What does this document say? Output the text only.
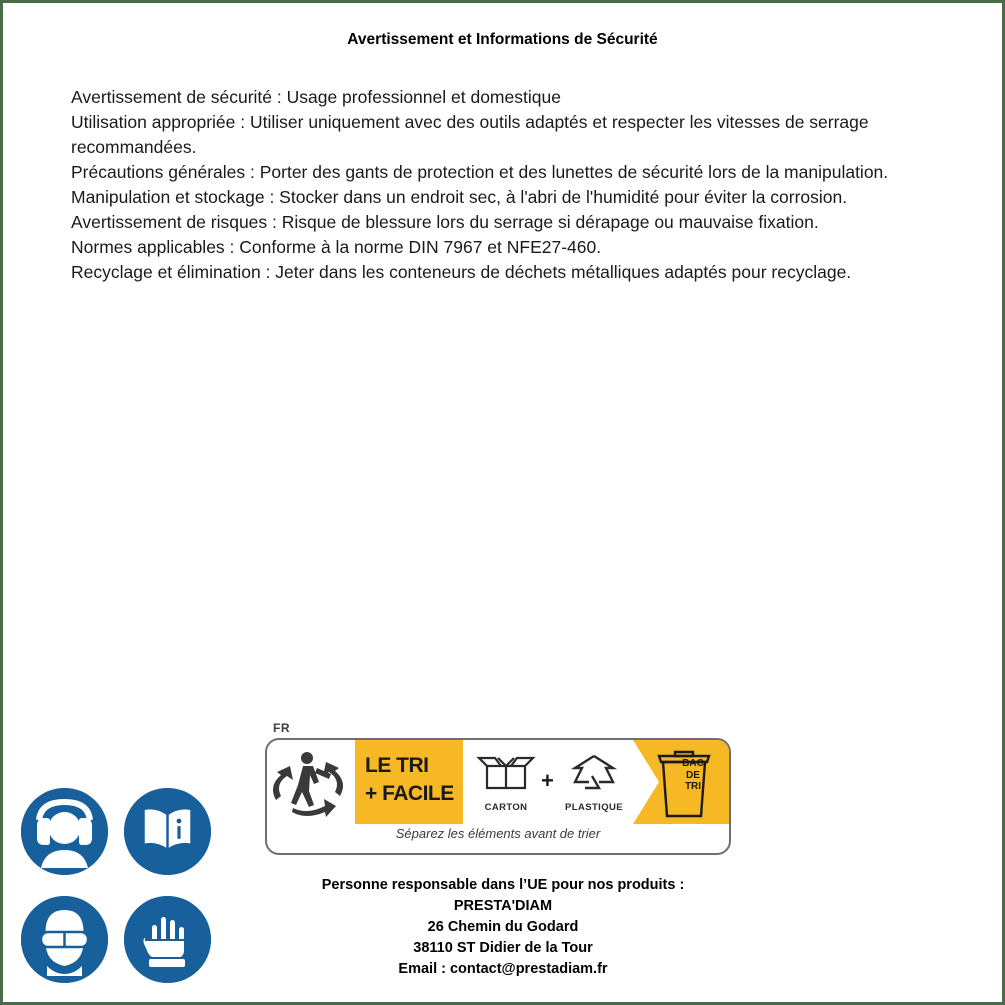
Avertissement et Informations de Sécurité

Avertissement de sécurité : Usage professionnel et domestique

Utilisation appropriée : Utiliser uniquement avec des outils adaptés et respecter les vitesses de serrage recommandées.

Précautions générales : Porter des gants de protection et des lunettes de sécurité lors de la manipulation.

Manipulation et stockage : Stocker dans un endroit sec, à l'abri de l'humidité pour éviter la corrosion.

Avertissement de risques : Risque de blessure lors du serrage si dérapage ou mauvaise fixation.

Normes applicables : Conforme à la norme DIN 7967 et NFE27-460.

Recyclage et élimination : Jeter dans les conteneurs de déchets métalliques adaptés pour recyclage.

FR
LE TRI
+ FACILE
CARTON
+
PLASTIQUE
BAC
DE
TRI
Séparez les éléments avant de trier
Personne responsable dans l’UE pour nos produits :
PRESTA'DIAM
26 Chemin du Godard
38110 ST Didier de la Tour
Email : contact@prestadiam.fr
